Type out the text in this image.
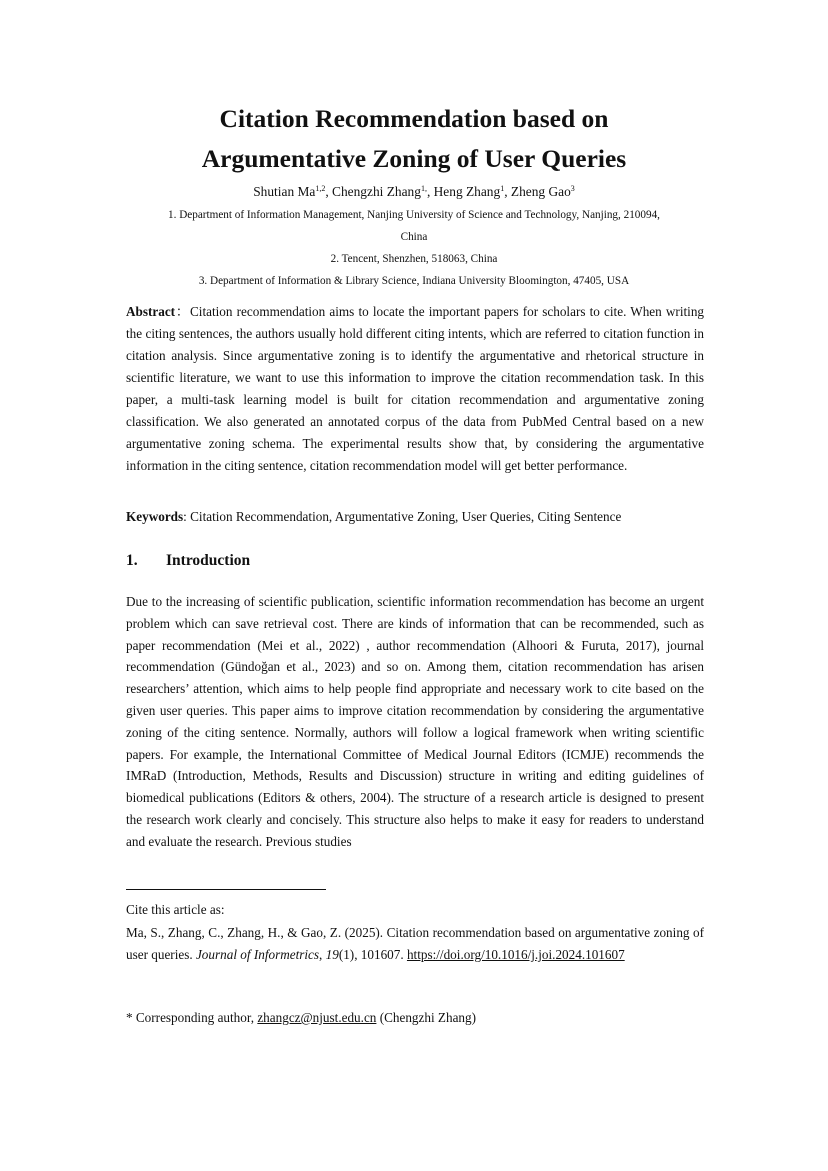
Citation Recommendation based on
Argumentative Zoning of User Queries
Shutian Ma$^{1,2}$, Chengzhi Zhang$^{1,}$, Heng Zhang$^1$, Zheng Gao$^3$
1. Department of Information Management, Nanjing University of Science and Technology, Nanjing, 210094,
China
2. Tencent, Shenzhen, 518063, China
3. Department of Information & Library Science, Indiana University Bloomington, 47405, USA

Abstract：Citation recommendation aims to locate the important papers for scholars to cite. When writing the citing sentences, the authors usually hold different citing intents, which are referred to citation function in citation analysis. Since argumentative zoning is to identify the argumentative and rhetorical structure in scientific literature, we want to use this information to improve the citation recommendation task. In this paper, a multi-task learning model is built for citation recommendation and argumentative zoning classification. We also generated an annotated corpus of the data from PubMed Central based on a new argumentative zoning schema. The experimental results show that, by considering the argumentative information in the citing sentence, citation recommendation model will get better performance.

Keywords: Citation Recommendation, Argumentative Zoning, User Queries, Citing Sentence

1. Introduction

Due to the increasing of scientific publication, scientific information recommendation has become an urgent problem which can save retrieval cost. There are kinds of information that can be recommended, such as paper recommendation (Mei et al., 2022) , author recommendation (Alhoori & Furuta, 2017), journal recommendation (Gündoğan et al., 2023) and so on. Among them, citation recommendation has arisen researchers’ attention, which aims to help people find appropriate and necessary work to cite based on the given user queries. This paper aims to improve citation recommendation by considering the argumentative zoning of the citing sentence. Normally, authors will follow a logical framework when writing scientific papers. For example, the International Committee of Medical Journal Editors (ICMJE) recommends the IMRaD (Introduction, Methods, Results and Discussion) structure in writing and editing guidelines of biomedical publications (Editors & others, 2004). The structure of a research article is designed to present the research work clearly and concisely. This structure also helps to make it easy for readers to understand and evaluate the research. Previous studies

Cite this article as:

Ma, S., Zhang, C., Zhang, H., & Gao, Z. (2025). Citation recommendation based on argumentative zoning of user queries. Journal of Informetrics, 19(1), 101607. https://doi.org/10.1016/j.joi.2024.101607

* Corresponding author, zhangcz@njust.edu.cn (Chengzhi Zhang)
